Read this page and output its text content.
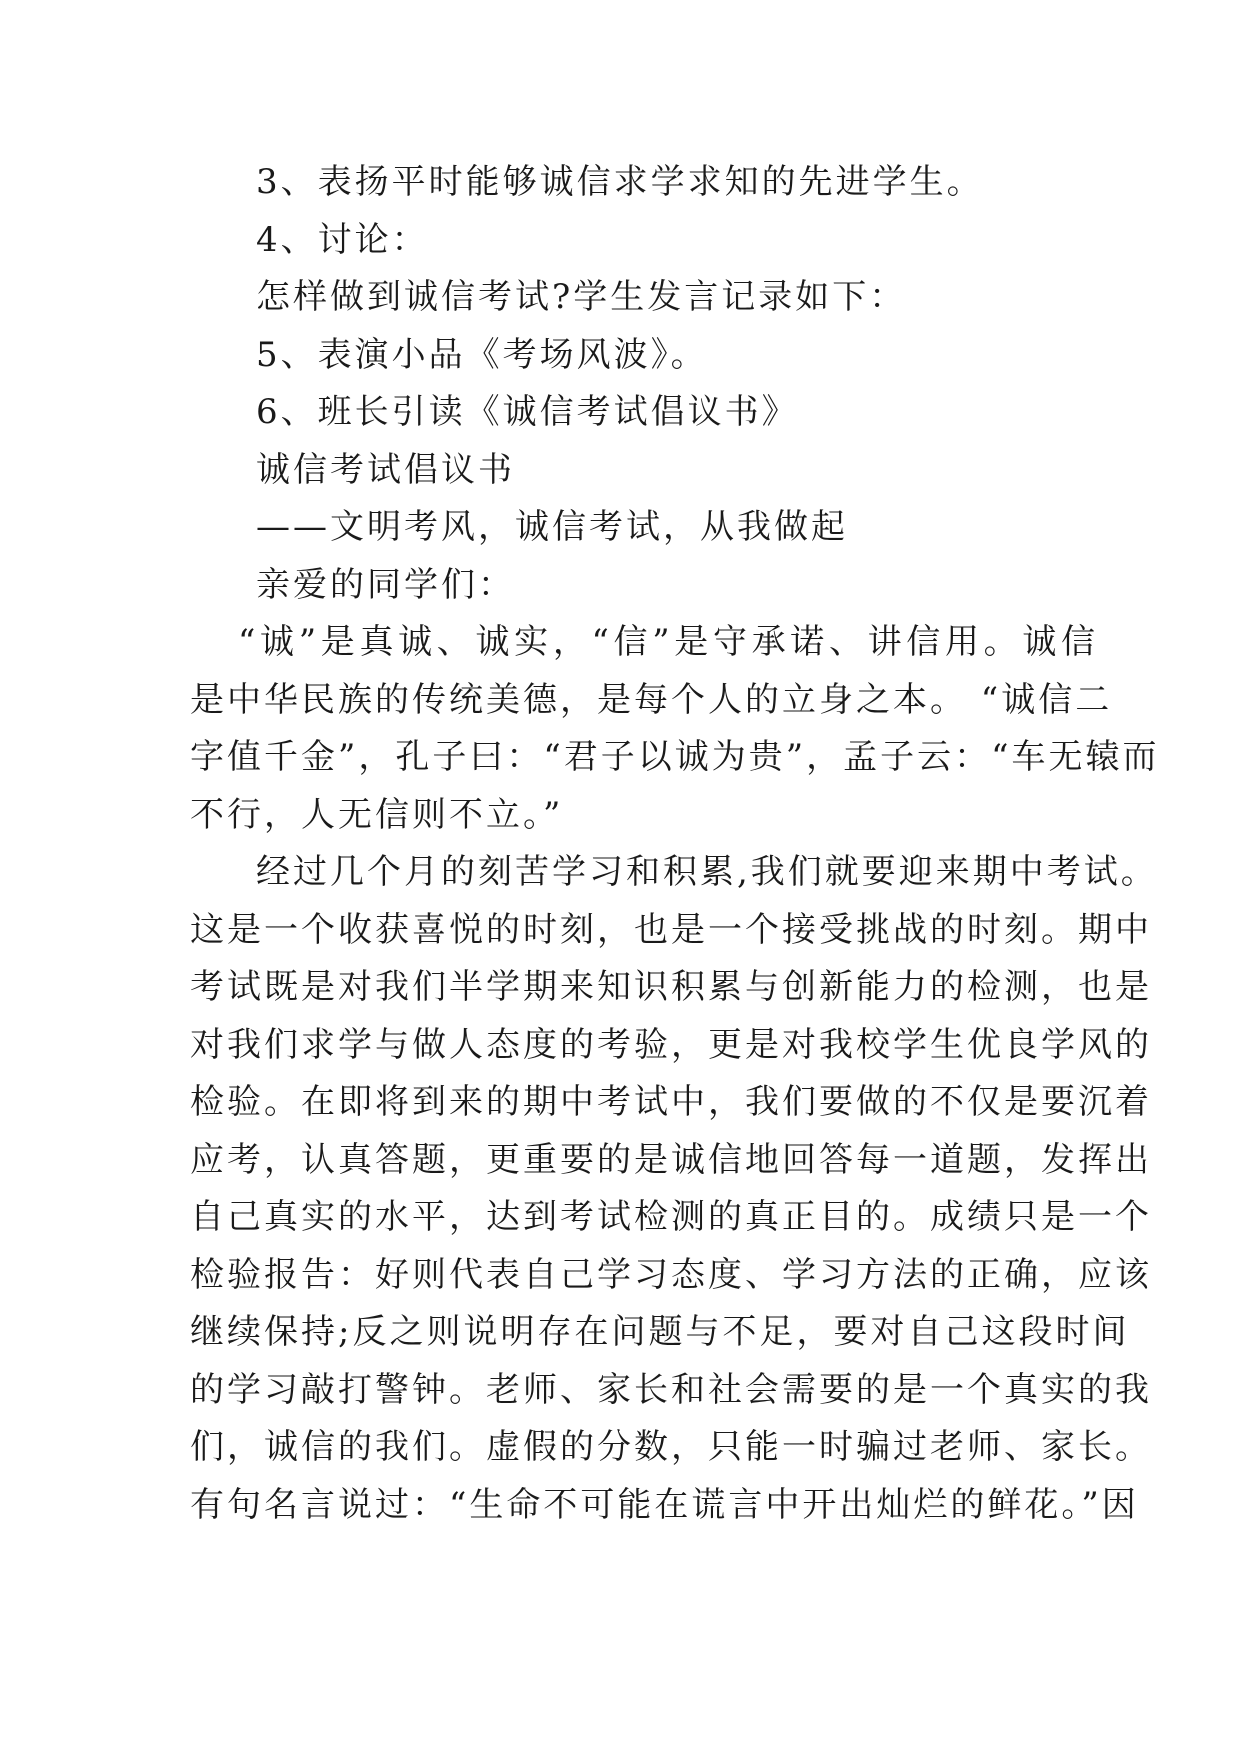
3、表扬平时能够诚信求学求知的先进学生。
4、讨论：
怎样做到诚信考试?学生发言记录如下：
5、表演小品《考场风波》。
6、班长引读《诚信考试倡议书》
诚信考试倡议书
——文明考风，诚信考试，从我做起
亲爱的同学们：
“诚”是真诚、诚实，“信”是守承诺、讲信用。诚信
是中华民族的传统美德，是每个人的立身之本。 “诚信二
字值千金”，孔子曰：“君子以诚为贵”，孟子云：“车无辕而
不行，人无信则不立。”
经过几个月的刻苦学习和积累,我们就要迎来期中考试。
这是一个收获喜悦的时刻，也是一个接受挑战的时刻。期中
考试既是对我们半学期来知识积累与创新能力的检测，也是
对我们求学与做人态度的考验，更是对我校学生优良学风的
检验。在即将到来的期中考试中，我们要做的不仅是要沉着
应考，认真答题，更重要的是诚信地回答每一道题，发挥出
自己真实的水平，达到考试检测的真正目的。成绩只是一个
检验报告：好则代表自己学习态度、学习方法的正确，应该
继续保持;反之则说明存在问题与不足，要对自己这段时间
的学习敲打警钟。老师、家长和社会需要的是一个真实的我
们，诚信的我们。虚假的分数，只能一时骗过老师、家长。
有句名言说过：“生命不可能在谎言中开出灿烂的鲜花。”因
